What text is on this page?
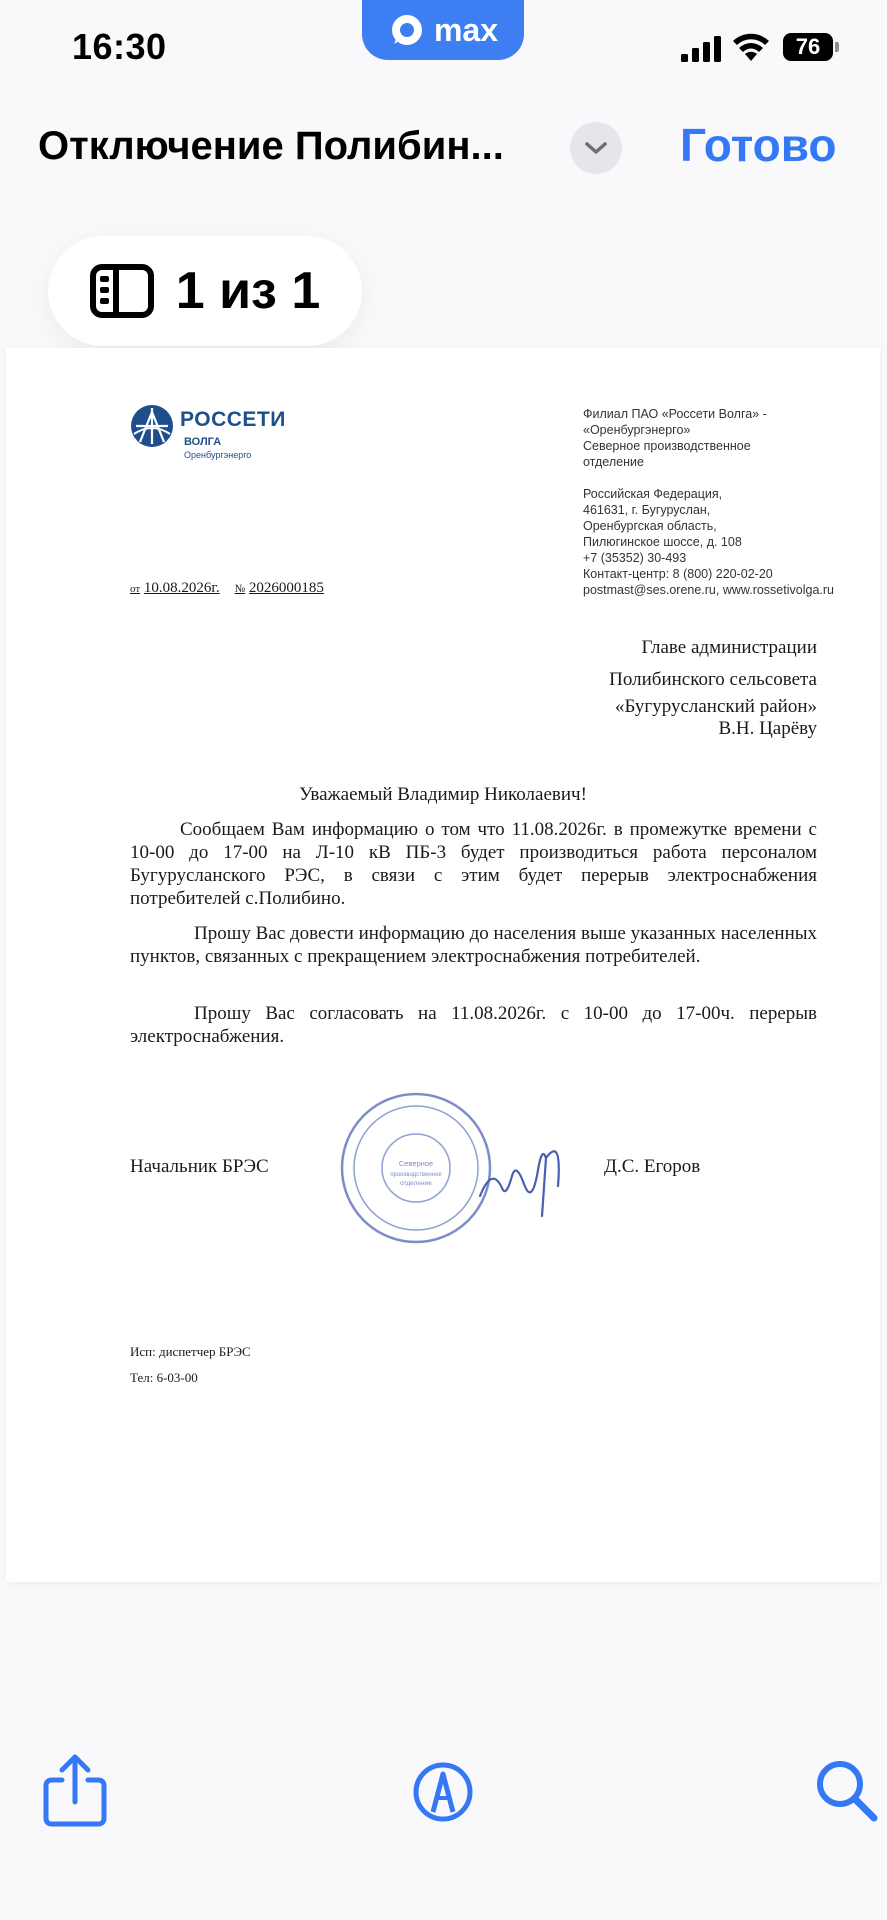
16:30	max	76
Отключение Полибин...	Готово
1 из 1
РОССЕТИ
ВОЛГА
Оренбургэнерго
Филиал ПАО «Россети Волга» -
«Оренбургэнерго»
Северное производственное
отделение
Российская Федерация,
461631, г. Бугуруслан,
Оренбургская область,
Пилюгинское шоссе, д. 108
+7 (35352) 30-493
Контакт-центр: 8 (800) 220-02-20
postmast@ses.orene.ru, www.rossetivolga.ru
от 10.08.2026г. № 2026000185
Главе администрации
Полибинского сельсовета
«Бугурусланский район»
В.Н. Царёву
Уважаемый Владимир Николаевич!
Сообщаем Вам информацию о том что 11.08.2026г. в промежутке времени с 10-00 до 17-00 на Л-10 кВ ПБ-3 будет производиться работа персоналом Бугурусланского РЭС, в связи с этим будет перерыв электроснабжения потребителей с.Полибино.
Прошу Вас довести информацию до населения выше указанных населенных пунктов, связанных с прекращением электроснабжения потребителей.
Прошу Вас согласовать на 11.08.2026г. с 10-00 до 17-00ч. перерыв электроснабжения.
Начальник БРЭС	Северное
производственное
отделение
Д.С. Егоров
Исп: диспетчер БРЭС
Тел: 6-03-00
